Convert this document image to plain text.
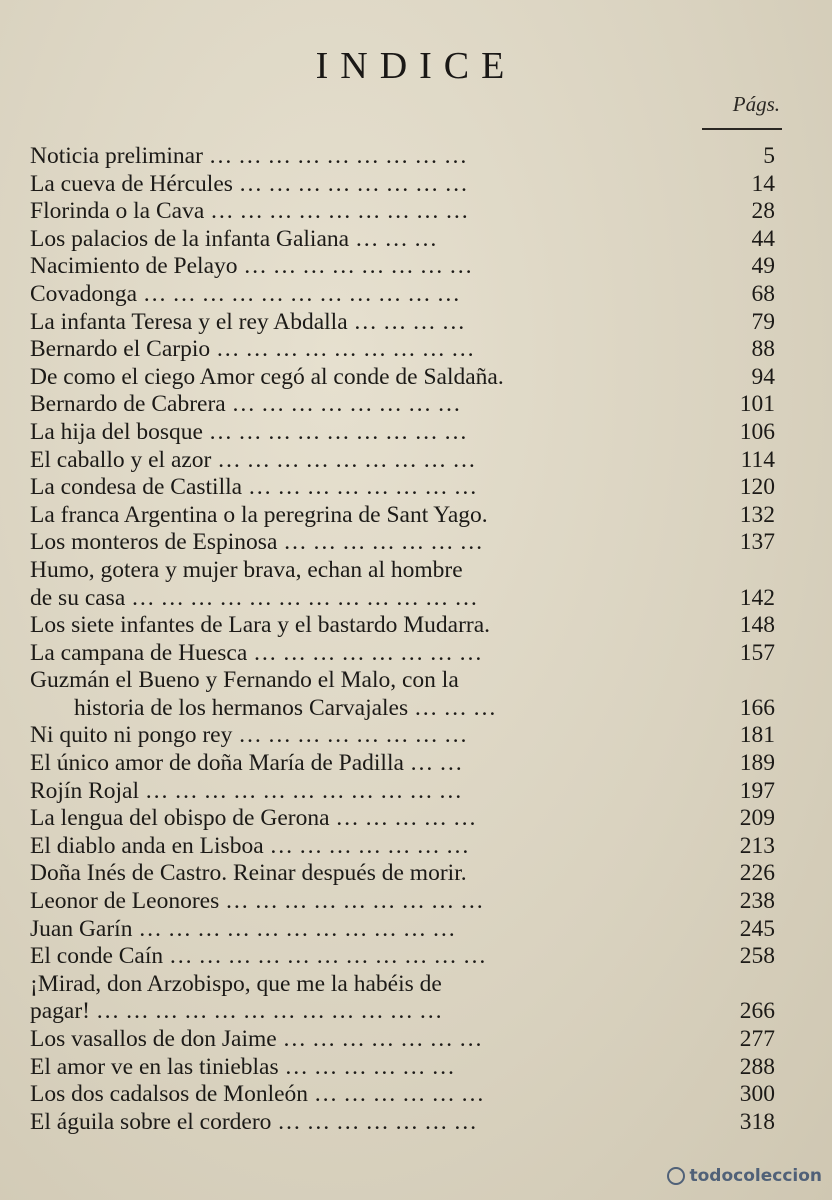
INDICE
Págs.
Noticia preliminar … … … … … … … … …	5
La cueva de Hércules … … … … … … … …	14
Florinda o la Cava … … … … … … … … …	28
Los palacios de la infanta Galiana … … …	44
Nacimiento de Pelayo … … … … … … … …	49
Covadonga … … … … … … … … … … …	68
La infanta Teresa y el rey Abdalla … … … …	79
Bernardo el Carpio … … … … … … … … …	88
De como el ciego Amor cegó al conde de Saldaña.	94
Bernardo de Cabrera … … … … … … … …	101
La hija del bosque … … … … … … … … …	106
El caballo y el azor … … … … … … … … …	114
La condesa de Castilla … … … … … … … …	120
La franca Argentina o la peregrina de Sant Yago.	132
Los monteros de Espinosa … … … … … … …	137
Humo, gotera y mujer brava, echan al hombre
de su casa … … … … … … … … … … … …	142
Los siete infantes de Lara y el bastardo Mudarra.	148
La campana de Huesca … … … … … … … …	157
Guzmán el Bueno y Fernando el Malo, con la
historia de los hermanos Carvajales … … …	166
Ni quito ni pongo rey … … … … … … … …	181
El único amor de doña María de Padilla … …	189
Rojín Rojal … … … … … … … … … … …	197
La lengua del obispo de Gerona … … … … …	209
El diablo anda en Lisboa … … … … … … …	213
Doña Inés de Castro. Reinar después de morir.	226
Leonor de Leonores … … … … … … … … …	238
Juan Garín … … … … … … … … … … …	245
El conde Caín … … … … … … … … … … …	258
¡Mirad, don Arzobispo, que me la habéis de
pagar! … … … … … … … … … … … …	266
Los vasallos de don Jaime … … … … … … …	277
El amor ve en las tinieblas … … … … … …	288
Los dos cadalsos de Monleón … … … … … …	300
El águila sobre el cordero … … … … … … …	318
todocoleccion
